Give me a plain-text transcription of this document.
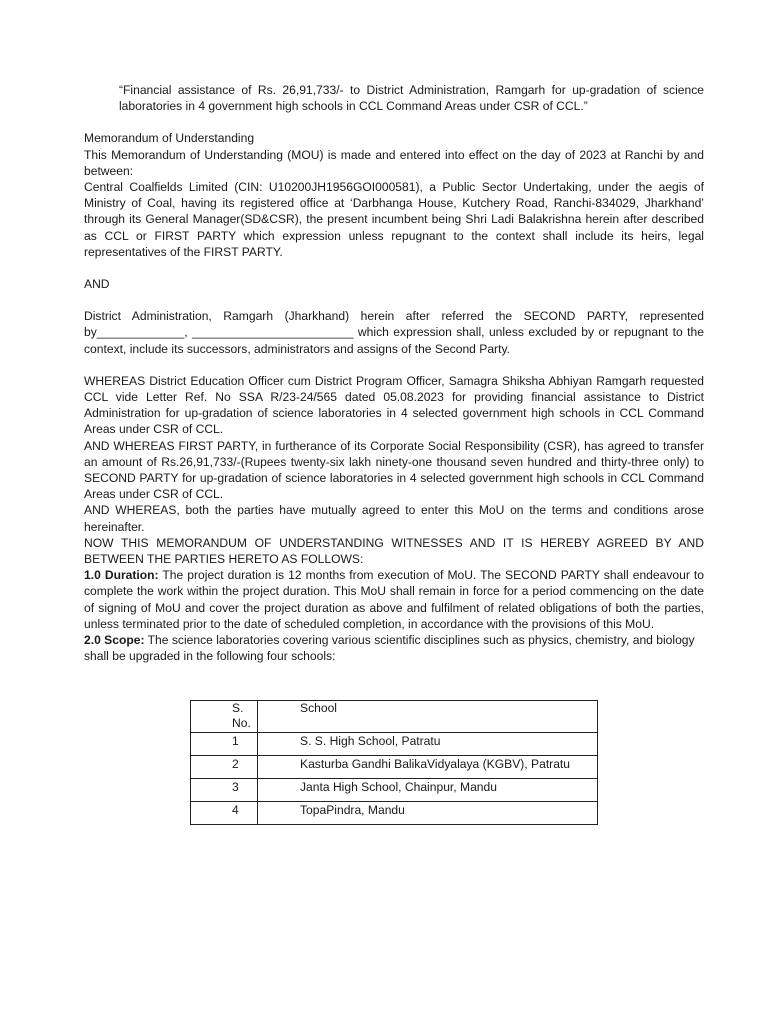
“Financial assistance of Rs. 26,91,733/- to District Administration, Ramgarh for up-gradation of science laboratories in 4 government high schools in CCL Command Areas under CSR of CCL.”

Memorandum of Understanding

This Memorandum of Understanding (MOU) is made and entered into effect on the day of 2023 at Ranchi by and between:

Central Coalfields Limited (CIN: U10200JH1956GOI000581), a Public Sector Undertaking, under the aegis of Ministry of Coal, having its registered office at ‘Darbhanga House, Kutchery Road, Ranchi-834029, Jharkhand’ through its General Manager(SD&CSR), the present incumbent being Shri Ladi Balakrishna herein after described as CCL or FIRST PARTY which expression unless repugnant to the context shall include its heirs, legal representatives of the FIRST PARTY.

AND

District Administration, Ramgarh (Jharkhand) herein after referred the SECOND PARTY, represented by_____________, ________________________ which expression shall, unless excluded by or repugnant to the context, include its successors, administrators and assigns of the Second Party.

WHEREAS District Education Officer cum District Program Officer, Samagra Shiksha Abhiyan Ramgarh requested CCL vide Letter Ref. No SSA R/23-24/565 dated 05.08.2023 for providing financial assistance to District Administration for up-gradation of science laboratories in 4 selected government high schools in CCL Command Areas under CSR of CCL.

AND WHEREAS FIRST PARTY, in furtherance of its Corporate Social Responsibility (CSR), has agreed to transfer an amount of Rs.26,91,733/-(Rupees twenty-six lakh ninety-one thousand seven hundred and thirty-three only) to SECOND PARTY for up-gradation of science laboratories in 4 selected government high schools in CCL Command Areas under CSR of CCL.

AND WHEREAS, both the parties have mutually agreed to enter this MoU on the terms and conditions arose hereinafter.

NOW THIS MEMORANDUM OF UNDERSTANDING WITNESSES AND IT IS HEREBY AGREED BY AND BETWEEN THE PARTIES HERETO AS FOLLOWS:

1.0 Duration: The project duration is 12 months from execution of MoU. The SECOND PARTY shall endeavour to complete the work within the project duration. This MoU shall remain in force for a period commencing on the date of signing of MoU and cover the project duration as above and fulfilment of related obligations of both the parties, unless terminated prior to the date of scheduled completion, in accordance with the provisions of this MoU.

2.0 Scope: The science laboratories covering various scientific disciplines such as physics, chemistry, and biology shall be upgraded in the following four schools:

S. No.	School
1	S. S. High School, Patratu
2	Kasturba Gandhi BalikaVidyalaya (KGBV), Patratu
3	Janta High School, Chainpur, Mandu
4	TopaPindra, Mandu
